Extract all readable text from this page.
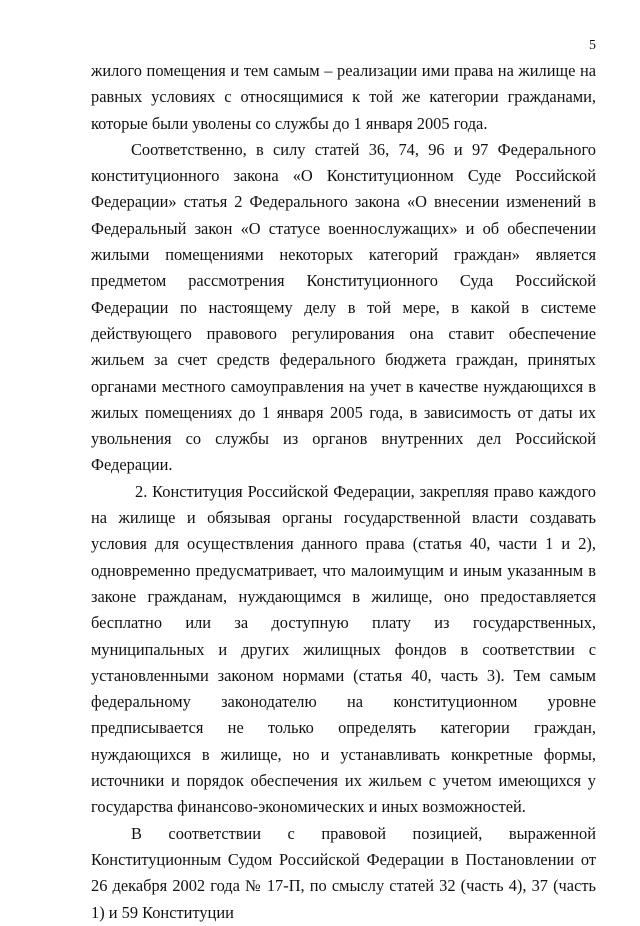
5

жилого помещения и тем самым – реализации ими права на жилище на равных условиях с относящимися к той же категории гражданами, которые были уволены со службы до 1 января 2005 года.

Соответственно, в силу статей 36, 74, 96 и 97 Федерального конституционного закона «О Конституционном Суде Российской Федерации» статья 2 Федерального закона «О внесении изменений в Федеральный закон «О статусе военнослужащих» и об обеспечении жилыми помещениями некоторых категорий граждан» является предметом рассмотрения Конституционного Суда Российской Федерации по настоящему делу в той мере, в какой в системе действующего правового регулирования она ставит обеспечение жильем за счет средств федерального бюджета граждан, принятых органами местного самоуправления на учет в качестве нуждающихся в жилых помещениях до 1 января 2005 года, в зависимость от даты их увольнения со службы из органов внутренних дел Российской Федерации.

2. Конституция Российской Федерации, закрепляя право каждого на жилище и обязывая органы государственной власти создавать условия для осуществления данного права (статья 40, части 1 и 2), одновременно предусматривает, что малоимущим и иным указанным в законе гражданам, нуждающимся в жилище, оно предоставляется бесплатно или за доступную плату из государственных, муниципальных и других жилищных фондов в соответствии с установленными законом нормами (статья 40, часть 3). Тем самым федеральному законодателю на конституционном уровне предписывается не только определять категории граждан, нуждающихся в жилище, но и устанавливать конкретные формы, источники и порядок обеспечения их жильем с учетом имеющихся у государства финансово-экономических и иных возможностей.

В соответствии с правовой позицией, выраженной Конституционным Судом Российской Федерации в Постановлении от 26 декабря 2002 года № 17-П, по смыслу статей 32 (часть 4), 37 (часть 1) и 59 Конституции
